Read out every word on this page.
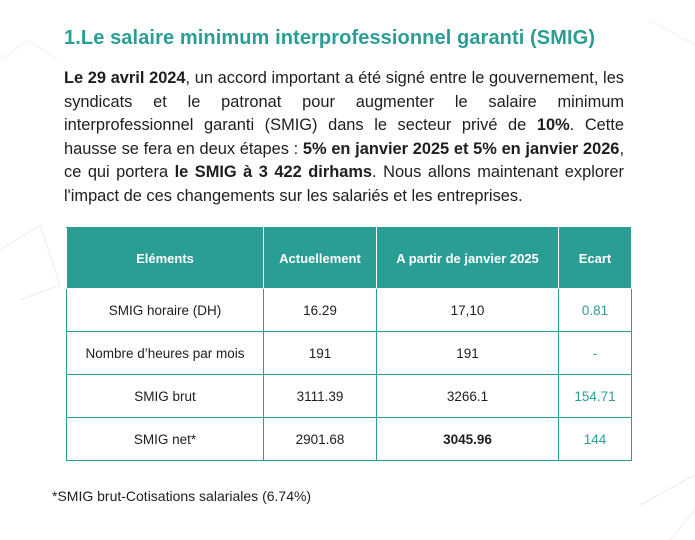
1.Le salaire minimum interprofessionnel garanti (SMIG)

Le 29 avril 2024, un accord important a été signé entre le gouvernement, les syndicats et le patronat pour augmenter le salaire minimum interprofessionnel garanti (SMIG) dans le secteur privé de 10%. Cette hausse se fera en deux étapes : 5% en janvier 2025 et 5% en janvier 2026, ce qui portera le SMIG à 3 422 dirhams. Nous allons maintenant explorer l'impact de ces changements sur les salariés et les entreprises.

Eléments	Actuellement	A partir de janvier 2025	Ecart
SMIG horaire (DH)	16.29	17,10	0.81
Nombre d’heures par mois	191	191	-
SMIG brut	3111.39	3266.1	154.71
SMIG net*	2901.68	3045.96	144

*SMIG brut-Cotisations salariales (6.74%)
